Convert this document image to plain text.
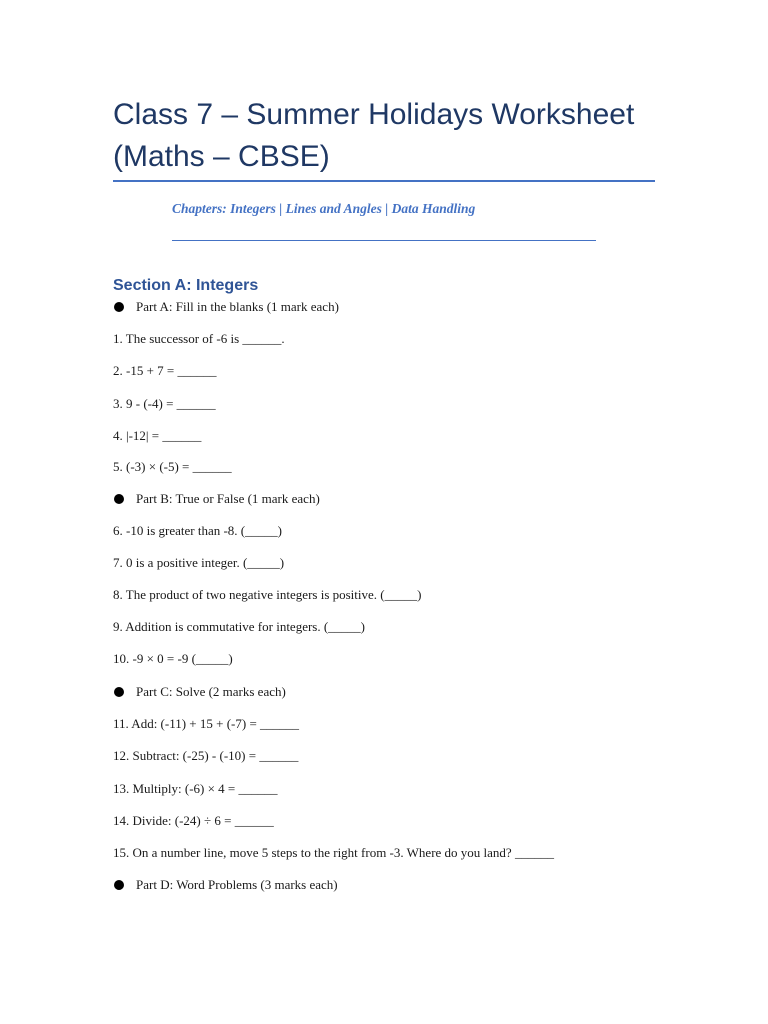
Class 7 – Summer Holidays Worksheet (Maths – CBSE)
Chapters: Integers | Lines and Angles | Data Handling
Section A: Integers
Part A: Fill in the blanks (1 mark each)
1. The successor of -6 is ______.
2. -15 + 7 = ______
3. 9 - (-4) = ______
4. |-12| = ______
5. (-3) × (-5) = ______
Part B: True or False (1 mark each)
6. -10 is greater than -8. (_____)
7. 0 is a positive integer. (_____)
8. The product of two negative integers is positive. (_____)
9. Addition is commutative for integers. (_____)
10. -9 × 0 = -9 (_____)
Part C: Solve (2 marks each)
11. Add: (-11) + 15 + (-7) = ______
12. Subtract: (-25) - (-10) = ______
13. Multiply: (-6) × 4 = ______
14. Divide: (-24) ÷ 6 = ______
15. On a number line, move 5 steps to the right from -3. Where do you land? ______
Part D: Word Problems (3 marks each)
